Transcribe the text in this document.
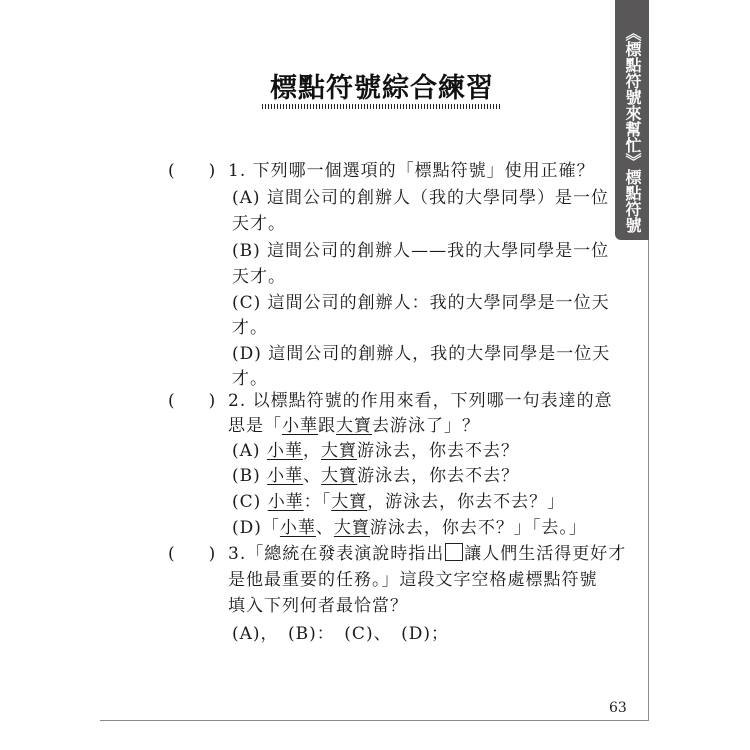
《標點符號來幫忙》標點符號綜合練習
標點符號綜合練習
(　　) 1. 下列哪一個選項的「標點符號」使用正確？
(A) 這間公司的創辦人（我的大學同學）是一位
天才。
(B) 這間公司的創辦人——我的大學同學是一位
天才。
(C) 這間公司的創辦人：我的大學同學是一位天
才。
(D) 這間公司的創辦人，我的大學同學是一位天
才。
(　　) 2. 以標點符號的作用來看，下列哪一句表達的意
思是「小華跟大寶去游泳了」？
(A) 小華，大寶游泳去，你去不去？
(B) 小華、大寶游泳去，你去不去？
(C) 小華：「大寶，游泳去，你去不去？」
(D)「小華、大寶游泳去，你去不？」「去。」
(　　) 3.「總統在發表演說時指出 讓人們生活得更好才
是他最重要的任務。」這段文字空格處標點符號
填入下列何者最恰當？
(A)，　(B)：　(C)、　(D)；
63
